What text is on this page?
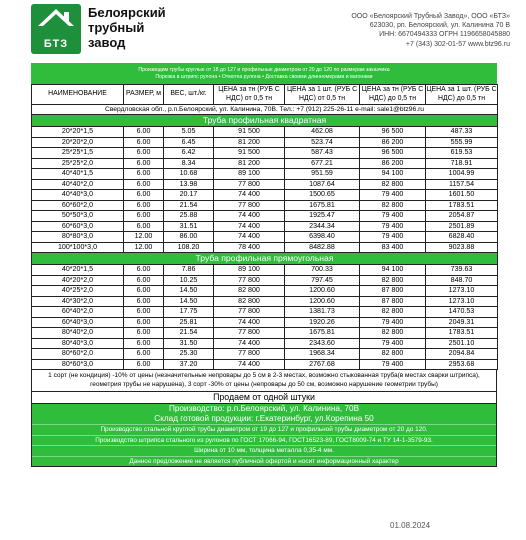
БТЗ
Белоярский
трубный
завод
ООО «Белоярский Трубный Завод», ООО «БТЗ»
623030, рп. Белоярский, ул. Калинина 70 В
ИНН: 6670494333 ОГРН 1196658045880
+7 (343) 302-01-57 www.btz96.ru
Производим трубы круглые от 18 до 127 и профильные диаметром от 20 до 120 по размерам заказчика
Порезка в штрипс рулона • Отмотка рулона • Доставка своими длинномерами и вагонами
НАИМЕНОВАНИЕ	РАЗМЕР, м	ВЕС, шт./кг.	ЦЕНА за тн (РУБ С НДС) от 0,5 тн	ЦЕНА за 1 шт. (РУБ С НДС) от 0,5 тн	ЦЕНА за тн (РУБ С НДС) до 0,5 тн	ЦЕНА за 1 шт. (РУБ С НДС) до 0,5 тн
Свердловская обл., р.п.Белоярский, ул. Калинина, 70В. Тел.: +7 (912) 225-26-11 e-mail: sale1@btz96.ru						
Труба профильная квадратная						
20*20*1,5	6.00	5.05	91 500	462.08	96 500	487.33
20*20*2,0	6.00	6.45	81 200	523.74	86 200	555.99
25*25*1,5	6.00	6.42	91 500	587.43	96 500	619.53
25*25*2,0	6.00	8.34	81 200	677.21	86 200	718.91
40*40*1,5	6.00	10.68	89 100	951.59	94 100	1004.99
40*40*2,0	6.00	13.98	77 800	1087.64	82 800	1157.54
40*40*3,0	6.00	20.17	74 400	1500.65	79 400	1601.50
60*60*2,0	6.00	21.54	77 800	1675.81	82 800	1783.51
50*50*3,0	6.00	25.88	74 400	1925.47	79 400	2054.87
60*60*3,0	6.00	31.51	74 400	2344.34	79 400	2501.89
80*80*3,0	12.00	86.00	74 400	6398.40	79 400	6828.40
100*100*3,0	12.00	108.20	78 400	8482.88	83 400	9023.88
Труба профильная прямоугольная						
40*20*1,5	6.00	7.86	89 100	700.33	94 100	739.63
40*20*2,0	6.00	10.25	77 800	797.45	82 800	848.70
40*25*2,0	6.00	14.50	82 800	1200.60	87 800	1273.10
40*30*2,0	6.00	14.50	82 800	1200.60	87 800	1273.10
60*40*2,0	6.00	17.75	77 800	1381.73	82 800	1470.53
60*40*3,0	6.00	25.81	74 400	1920.26	79 400	2049.31
80*40*2,0	6.00	21.54	77 800	1675.81	82 800	1783.51
80*40*3,0	6.00	31.50	74 400	2343.60	79 400	2501.10
80*60*2,0	6.00	25.30	77 800	1968.34	82 800	2094.84
80*60*3,0	6.00	37.20	74 400	2767.68	79 400	2953.68
1 сорт (не кондиция) -10% от цены (незначительные непровары до 5 см в 2-3 местах, возможно стыкованная труба(в местах сварки штрипса), геометрия трубы не нарушена), 3 сорт -30% от цены (непровары до 50 см, возможно нарушение геометрии трубы)
Продаем от одной штуки
Производство: р.п.Белоярский, ул. Калинина, 70В
Склад готовой продукции: г.Екатеринбург, ул.Корепина 50
Производство стальной круглой трубы диаметром от 19 до 127 и профильной трубы диаметром от 20 до 120.
Производство штрипса стального из рулонов по ГОСТ 17066-94, ГОСТ16523-89, ГОСТ8009-74 и ТУ 14-1-3579-93.
Ширина от 10 мм, толщина металла 0,35-4 мм.
Данное предложение не является публичной офертой и носит информационный характер
01.08.2024
